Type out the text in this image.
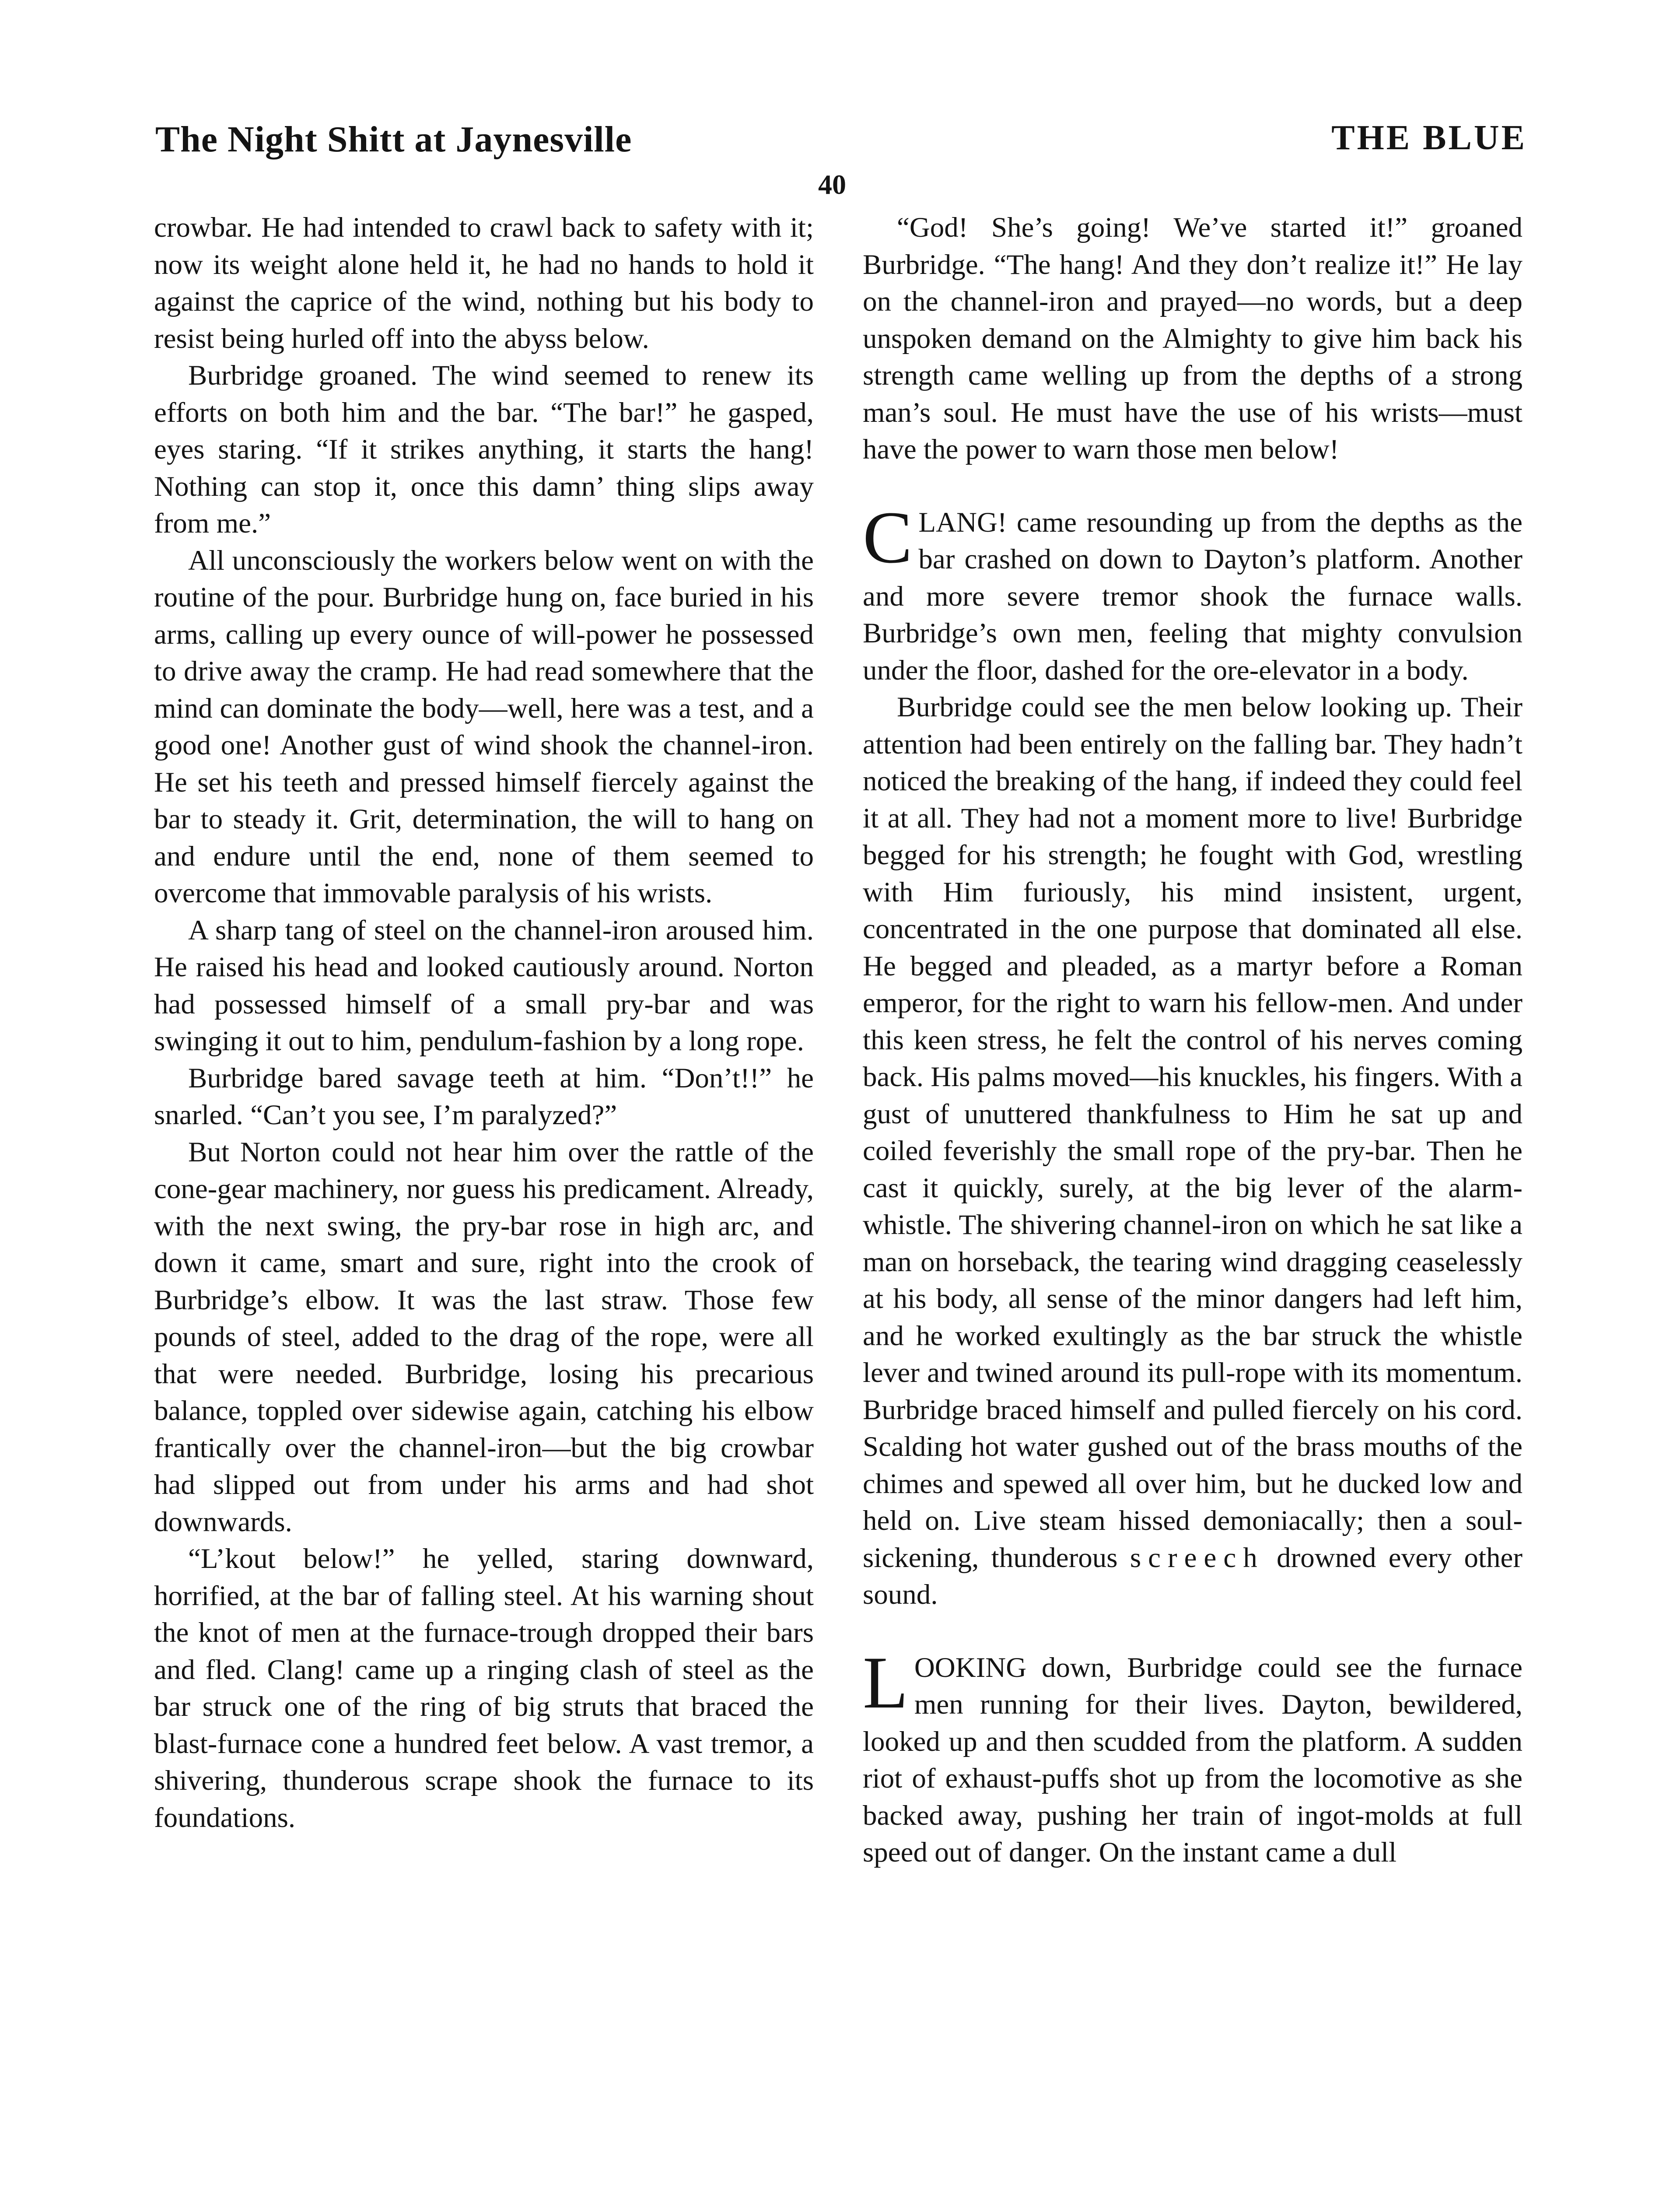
The Night Shitt at Jaynesville
40
THE BLUE

crowbar. He had intended to crawl back to safety with it; now its weight alone held it, he had no hands to hold it against the caprice of the wind, nothing but his body to resist being hurled off into the abyss below.

Burbridge groaned. The wind seemed to renew its efforts on both him and the bar. “The bar!” he gasped, eyes staring. “If it strikes anything, it starts the hang! Nothing can stop it, once this damn’ thing slips away from me.”

All unconsciously the workers below went on with the routine of the pour. Burbridge hung on, face buried in his arms, calling up every ounce of will-power he possessed to drive away the cramp. He had read somewhere that the mind can dominate the body—well, here was a test, and a good one! Another gust of wind shook the channel-iron. He set his teeth and pressed himself fiercely against the bar to steady it. Grit, determination, the will to hang on and endure until the end, none of them seemed to overcome that immovable paralysis of his wrists.

A sharp tang of steel on the channel-iron aroused him. He raised his head and looked cautiously around. Norton had possessed himself of a small pry-bar and was swinging it out to him, pendulum-fashion by a long rope.

Burbridge bared savage teeth at him. “Don’t!!” he snarled. “Can’t you see, I’m paralyzed?”

But Norton could not hear him over the rattle of the cone-gear machinery, nor guess his predicament. Already, with the next swing, the pry-bar rose in high arc, and down it came, smart and sure, right into the crook of Burbridge’s elbow. It was the last straw. Those few pounds of steel, added to the drag of the rope, were all that were needed. Burbridge, losing his precarious balance, toppled over sidewise again, catching his elbow frantically over the channel-iron—but the big crowbar had slipped out from under his arms and had shot downwards.

“L’kout below!” he yelled, staring downward, horrified, at the bar of falling steel. At his warning shout the knot of men at the furnace-trough dropped their bars and fled. Clang! came up a ringing clash of steel as the bar struck one of the ring of big struts that braced the blast-furnace cone a hundred feet below. A vast tremor, a shivering, thunderous scrape shook the furnace to its foundations.

“God! She’s going! We’ve started it!” groaned Burbridge. “The hang! And they don’t realize it!” He lay on the channel-iron and prayed—no words, but a deep unspoken demand on the Almighty to give him back his strength came welling up from the depths of a strong man’s soul. He must have the use of his wrists—must have the power to warn those men below!

CLANG! came resounding up from the depths as the bar crashed on down to Dayton’s platform. Another and more severe tremor shook the furnace walls. Burbridge’s own men, feeling that mighty convulsion under the floor, dashed for the ore-elevator in a body.

Burbridge could see the men below looking up. Their attention had been entirely on the falling bar. They hadn’t noticed the breaking of the hang, if indeed they could feel it at all. They had not a moment more to live! Burbridge begged for his strength; he fought with God, wrestling with Him furiously, his mind insistent, urgent, concentrated in the one purpose that dominated all else. He begged and pleaded, as a martyr before a Roman emperor, for the right to warn his fellow-men. And under this keen stress, he felt the control of his nerves coming back. His palms moved—his knuckles, his fingers. With a gust of unuttered thankfulness to Him he sat up and coiled feverishly the small rope of the pry-bar. Then he cast it quickly, surely, at the big lever of the alarm-whistle. The shivering channel-iron on which he sat like a man on horseback, the tearing wind dragging ceaselessly at his body, all sense of the minor dangers had left him, and he worked exultingly as the bar struck the whistle lever and twined around its pull-rope with its momentum. Burbridge braced himself and pulled fiercely on his cord. Scalding hot water gushed out of the brass mouths of the chimes and spewed all over him, but he ducked low and held on. Live steam hissed demoniacally; then a soul-sickening, thunderous screech drowned every other sound.

LOOKING down, Burbridge could see the furnace men running for their lives. Dayton, bewildered, looked up and then scudded from the platform. A sudden riot of exhaust-puffs shot up from the locomotive as she backed away, pushing her train of ingot-molds at full speed out of danger. On the instant came a dull
